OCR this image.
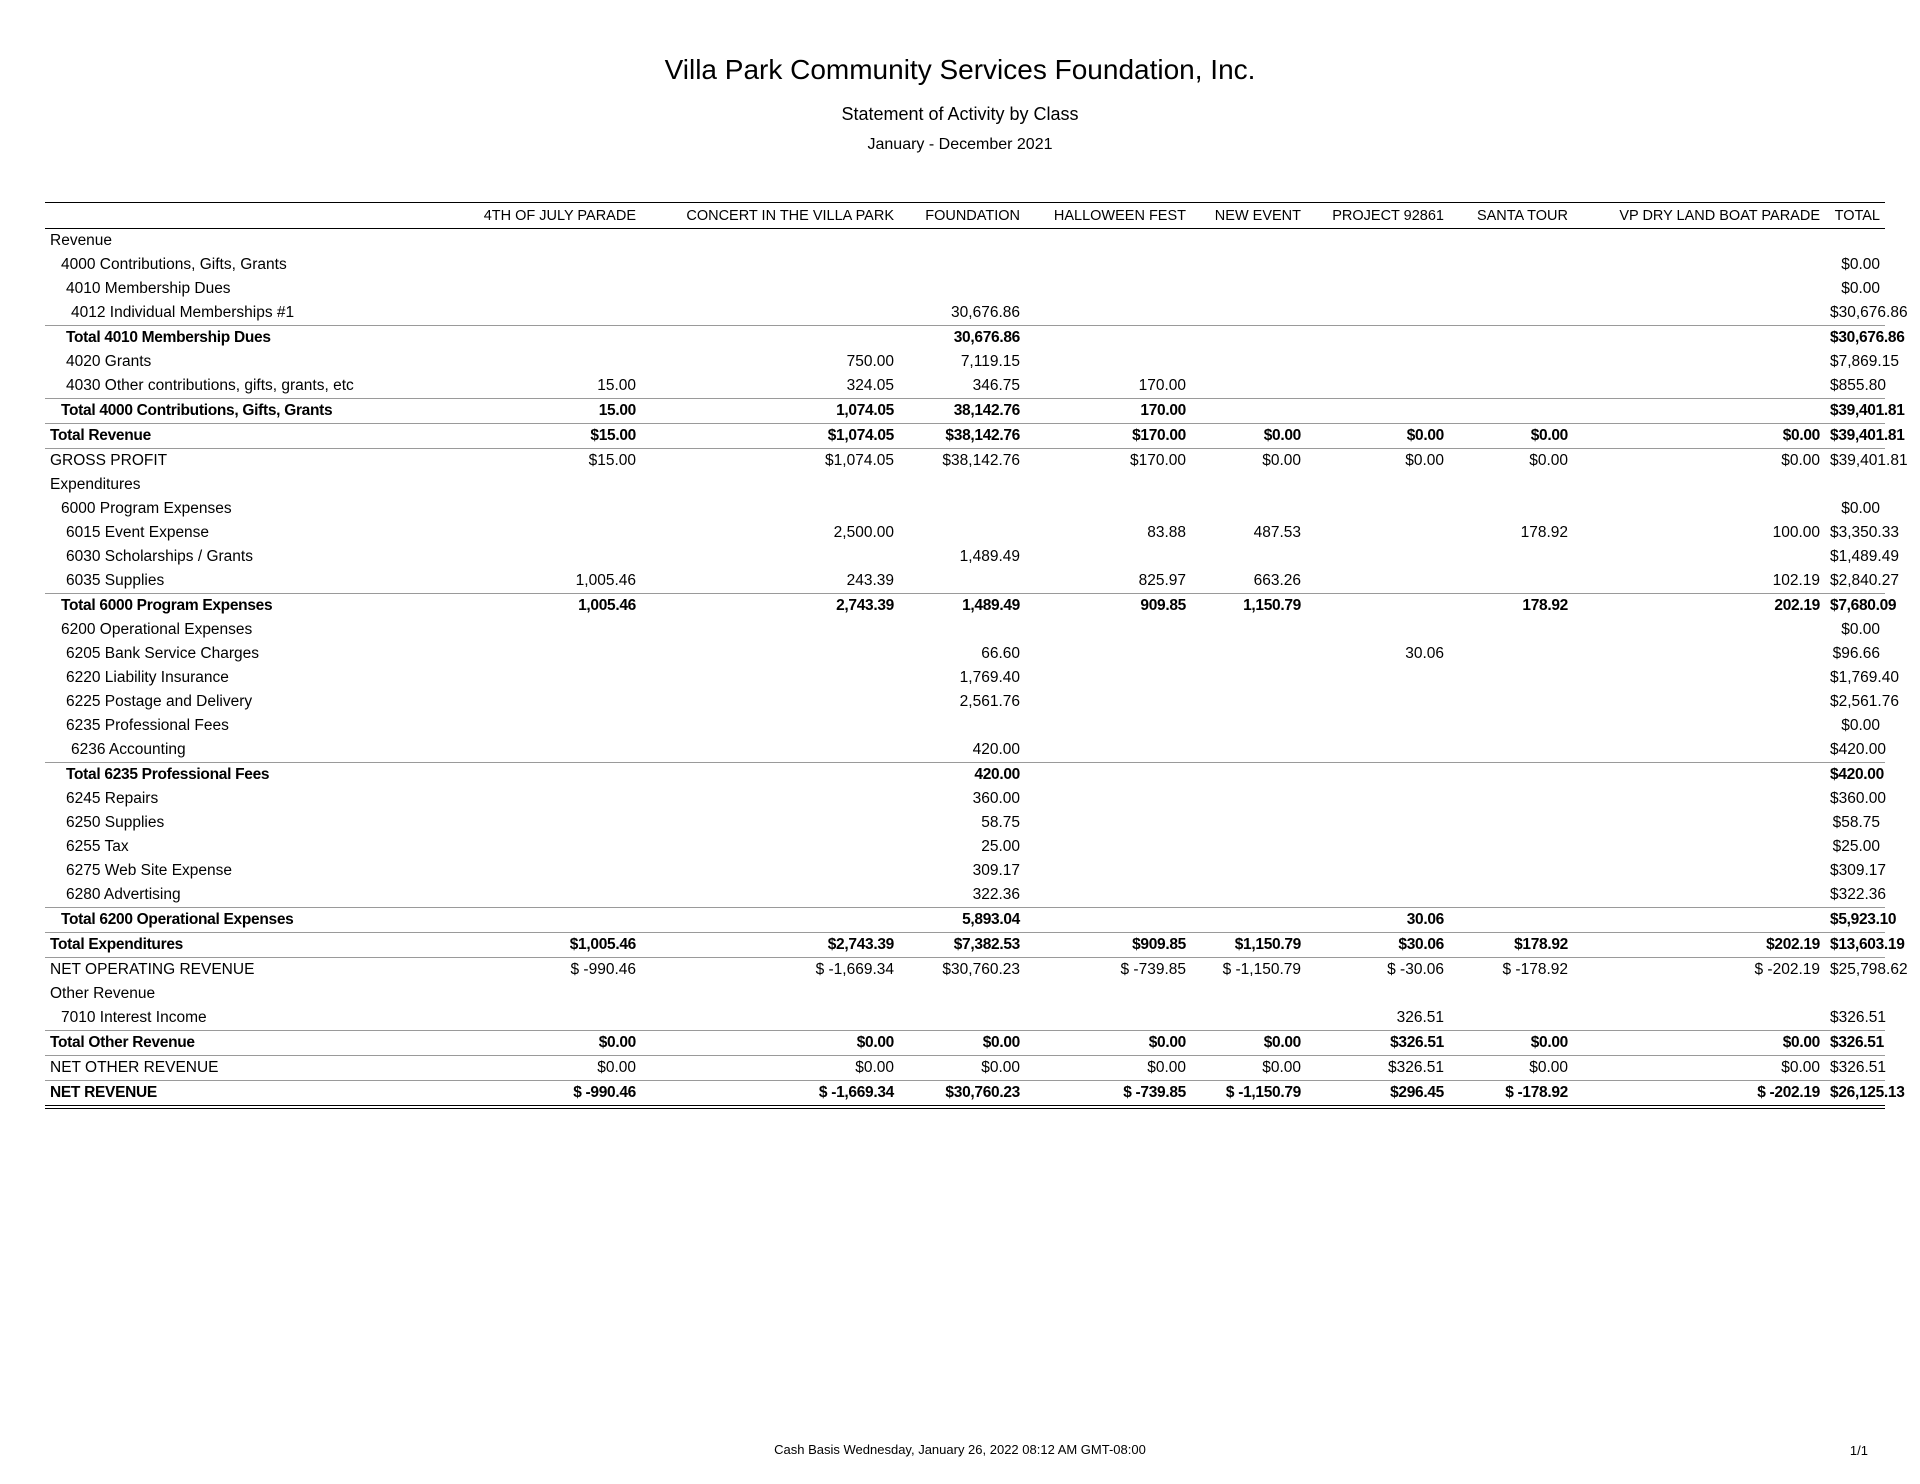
Villa Park Community Services Foundation, Inc.
Statement of Activity by Class
January - December 2021
	4TH OF JULY PARADE	CONCERT IN THE VILLA PARK	FOUNDATION	HALLOWEEN FEST	NEW EVENT	PROJECT 92861	SANTA TOUR	VP DRY LAND BOAT PARADE	TOTAL
Revenue									
4000 Contributions, Gifts, Grants									$0.00
4010 Membership Dues									$0.00
4012 Individual Memberships #1			30,676.86						$30,676.86
Total 4010 Membership Dues			30,676.86						$30,676.86
4020 Grants		750.00	7,119.15						$7,869.15
4030 Other contributions, gifts, grants, etc	15.00	324.05	346.75	170.00					$855.80
Total 4000 Contributions, Gifts, Grants	15.00	1,074.05	38,142.76	170.00					$39,401.81
Total Revenue	$15.00	$1,074.05	$38,142.76	$170.00	$0.00	$0.00	$0.00	$0.00	$39,401.81
GROSS PROFIT	$15.00	$1,074.05	$38,142.76	$170.00	$0.00	$0.00	$0.00	$0.00	$39,401.81
Expenditures									
6000 Program Expenses									$0.00
6015 Event Expense		2,500.00		83.88	487.53		178.92	100.00	$3,350.33
6030 Scholarships / Grants			1,489.49						$1,489.49
6035 Supplies	1,005.46	243.39		825.97	663.26			102.19	$2,840.27
Total 6000 Program Expenses	1,005.46	2,743.39	1,489.49	909.85	1,150.79		178.92	202.19	$7,680.09
6200 Operational Expenses									$0.00
6205 Bank Service Charges			66.60			30.06			$96.66
6220 Liability Insurance			1,769.40						$1,769.40
6225 Postage and Delivery			2,561.76						$2,561.76
6235 Professional Fees									$0.00
6236 Accounting			420.00						$420.00
Total 6235 Professional Fees			420.00						$420.00
6245 Repairs			360.00						$360.00
6250 Supplies			58.75						$58.75
6255 Tax			25.00						$25.00
6275 Web Site Expense			309.17						$309.17
6280 Advertising			322.36						$322.36
Total 6200 Operational Expenses			5,893.04			30.06			$5,923.10
Total Expenditures	$1,005.46	$2,743.39	$7,382.53	$909.85	$1,150.79	$30.06	$178.92	$202.19	$13,603.19
NET OPERATING REVENUE	$ -990.46	$ -1,669.34	$30,760.23	$ -739.85	$ -1,150.79	$ -30.06	$ -178.92	$ -202.19	$25,798.62
Other Revenue									
7010 Interest Income						326.51			$326.51
Total Other Revenue	$0.00	$0.00	$0.00	$0.00	$0.00	$326.51	$0.00	$0.00	$326.51
NET OTHER REVENUE	$0.00	$0.00	$0.00	$0.00	$0.00	$326.51	$0.00	$0.00	$326.51
NET REVENUE	$ -990.46	$ -1,669.34	$30,760.23	$ -739.85	$ -1,150.79	$296.45	$ -178.92	$ -202.19	$26,125.13
Cash Basis Wednesday, January 26, 2022 08:12 AM GMT-08:00	1/1
